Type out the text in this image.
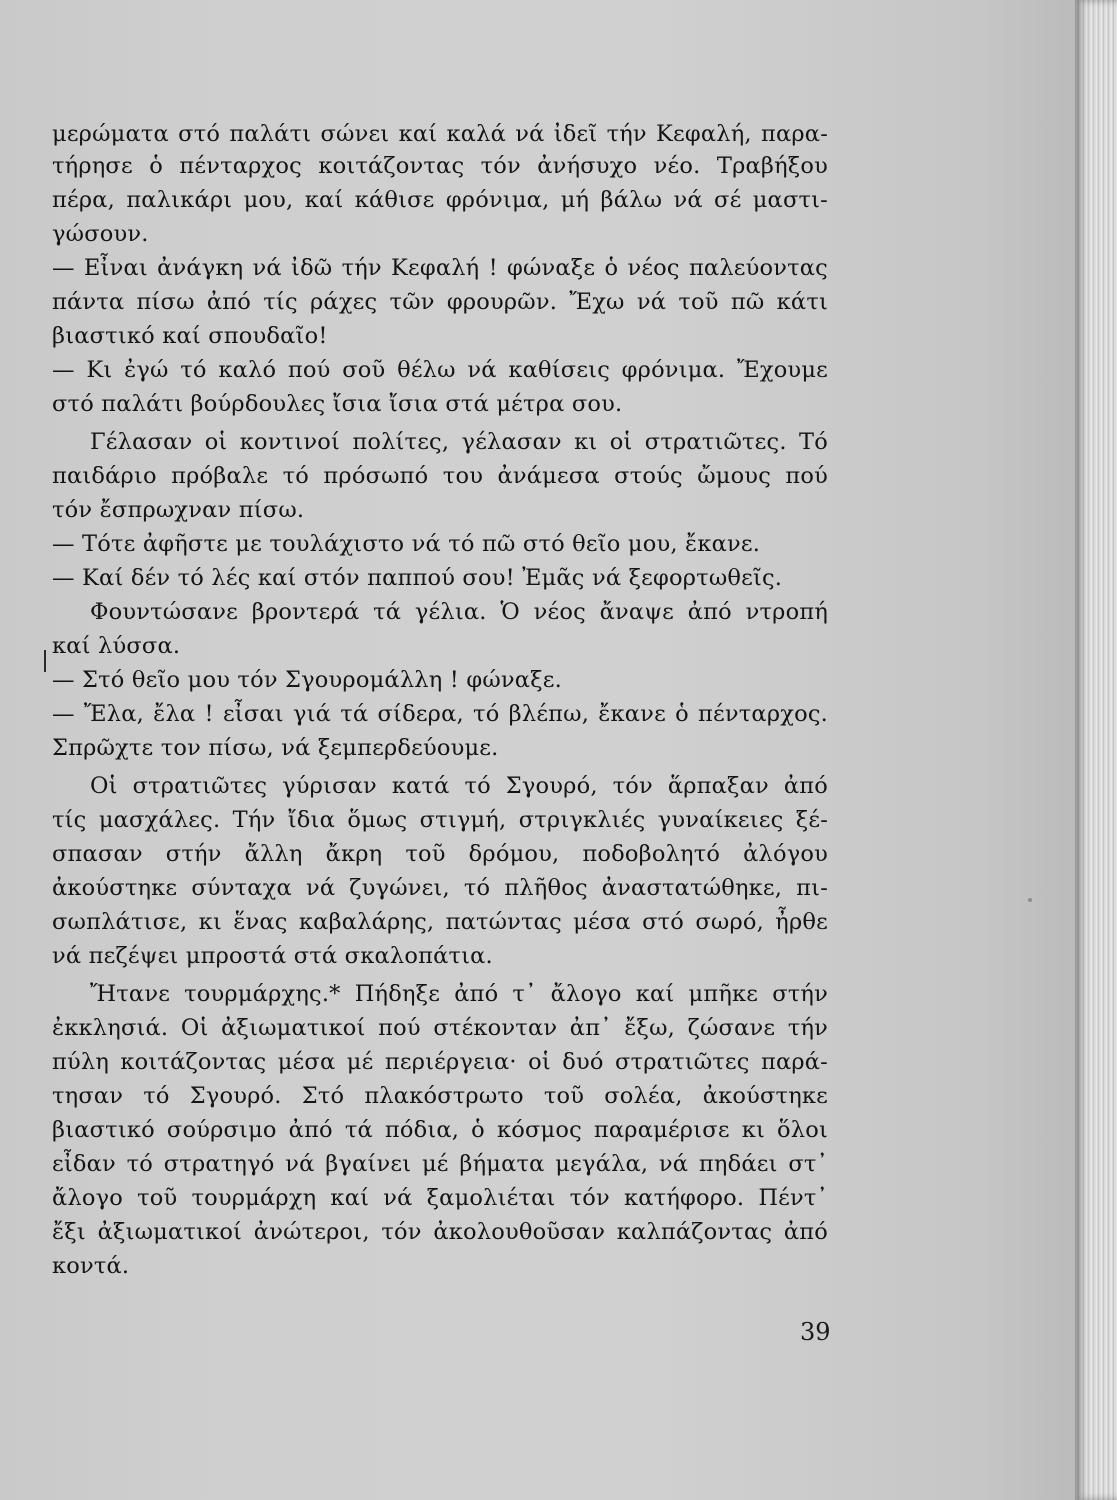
μερώματα στό παλάτι σώνει καί καλά νά ἰδεῖ τήν Κεφαλή, παρα-
τήρησε ὁ πένταρχος κοιτάζοντας τόν ἀνήσυχο νέο. Τραβήξου
πέρα, παλικάρι μου, καί κάθισε φρόνιμα, μή βάλω νά σέ μαστι-
γώσουν.
— Εἶναι ἀνάγκη νά ἰδῶ τήν Κεφαλή ! φώναξε ὁ νέος παλεύοντας
πάντα πίσω ἀπό τίς ράχες τῶν φρουρῶν. Ἔχω νά τοῦ πῶ κάτι
βιαστικό καί σπουδαῖο!
— Κι ἐγώ τό καλό πού σοῦ θέλω νά καθίσεις φρόνιμα. Ἔχουμε
στό παλάτι βούρδουλες ἴσια ἴσια στά μέτρα σου.
Γέλασαν οἱ κοντινοί πολίτες, γέλασαν κι οἱ στρατιῶτες. Τό
παιδάριο πρόβαλε τό πρόσωπό του ἀνάμεσα στούς ὤμους πού
τόν ἔσπρωχναν πίσω.
— Τότε ἀφῆστε με τουλάχιστο νά τό πῶ στό θεῖο μου, ἔκανε.
— Καί δέν τό λές καί στόν παππού σου! Ἐμᾶς νά ξεφορτωθεῖς.
Φουντώσανε βροντερά τά γέλια. Ὁ νέος ἄναψε ἀπό ντροπή
καί λύσσα.
— Στό θεῖο μου τόν Σγουρομάλλη ! φώναξε.
— Ἔλα, ἔλα ! εἶσαι γιά τά σίδερα, τό βλέπω, ἔκανε ὁ πένταρχος.
Σπρῶχτε τον πίσω, νά ξεμπερδεύουμε.
Οἱ στρατιῶτες γύρισαν κατά τό Σγουρό, τόν ἅρπαξαν ἀπό
τίς μασχάλες. Τήν ἴδια ὅμως στιγμή, στριγκλιές γυναίκειες ξέ-
σπασαν στήν ἄλλη ἄκρη τοῦ δρόμου, ποδοβολητό ἀλόγου
ἀκούστηκε σύνταχα νά ζυγώνει, τό πλῆθος ἀναστατώθηκε, πι-
σωπλάτισε, κι ἕνας καβαλάρης, πατώντας μέσα στό σωρό, ἦρθε
νά πεζέψει μπροστά στά σκαλοπάτια.
Ἤτανε τουρμάρχης.* Πήδηξε ἀπό τ᾿ ἄλογο καί μπῆκε στήν
ἐκκλησιά. Οἱ ἀξιωματικοί πού στέκονταν ἀπ᾿ ἔξω, ζώσανε τήν
πύλη κοιτάζοντας μέσα μέ περιέργεια· οἱ δυό στρατιῶτες παρά-
τησαν τό Σγουρό. Στό πλακόστρωτο τοῦ σολέα, ἀκούστηκε
βιαστικό σούρσιμο ἀπό τά πόδια, ὁ κόσμος παραμέρισε κι ὅλοι
εἶδαν τό στρατηγό νά βγαίνει μέ βήματα μεγάλα, νά πηδάει στ᾿
ἄλογο τοῦ τουρμάρχη καί νά ξαμολιέται τόν κατήφορο. Πέντ᾿
ἔξι ἀξιωματικοί ἀνώτεροι, τόν ἀκολουθοῦσαν καλπάζοντας ἀπό
κοντά.
39
